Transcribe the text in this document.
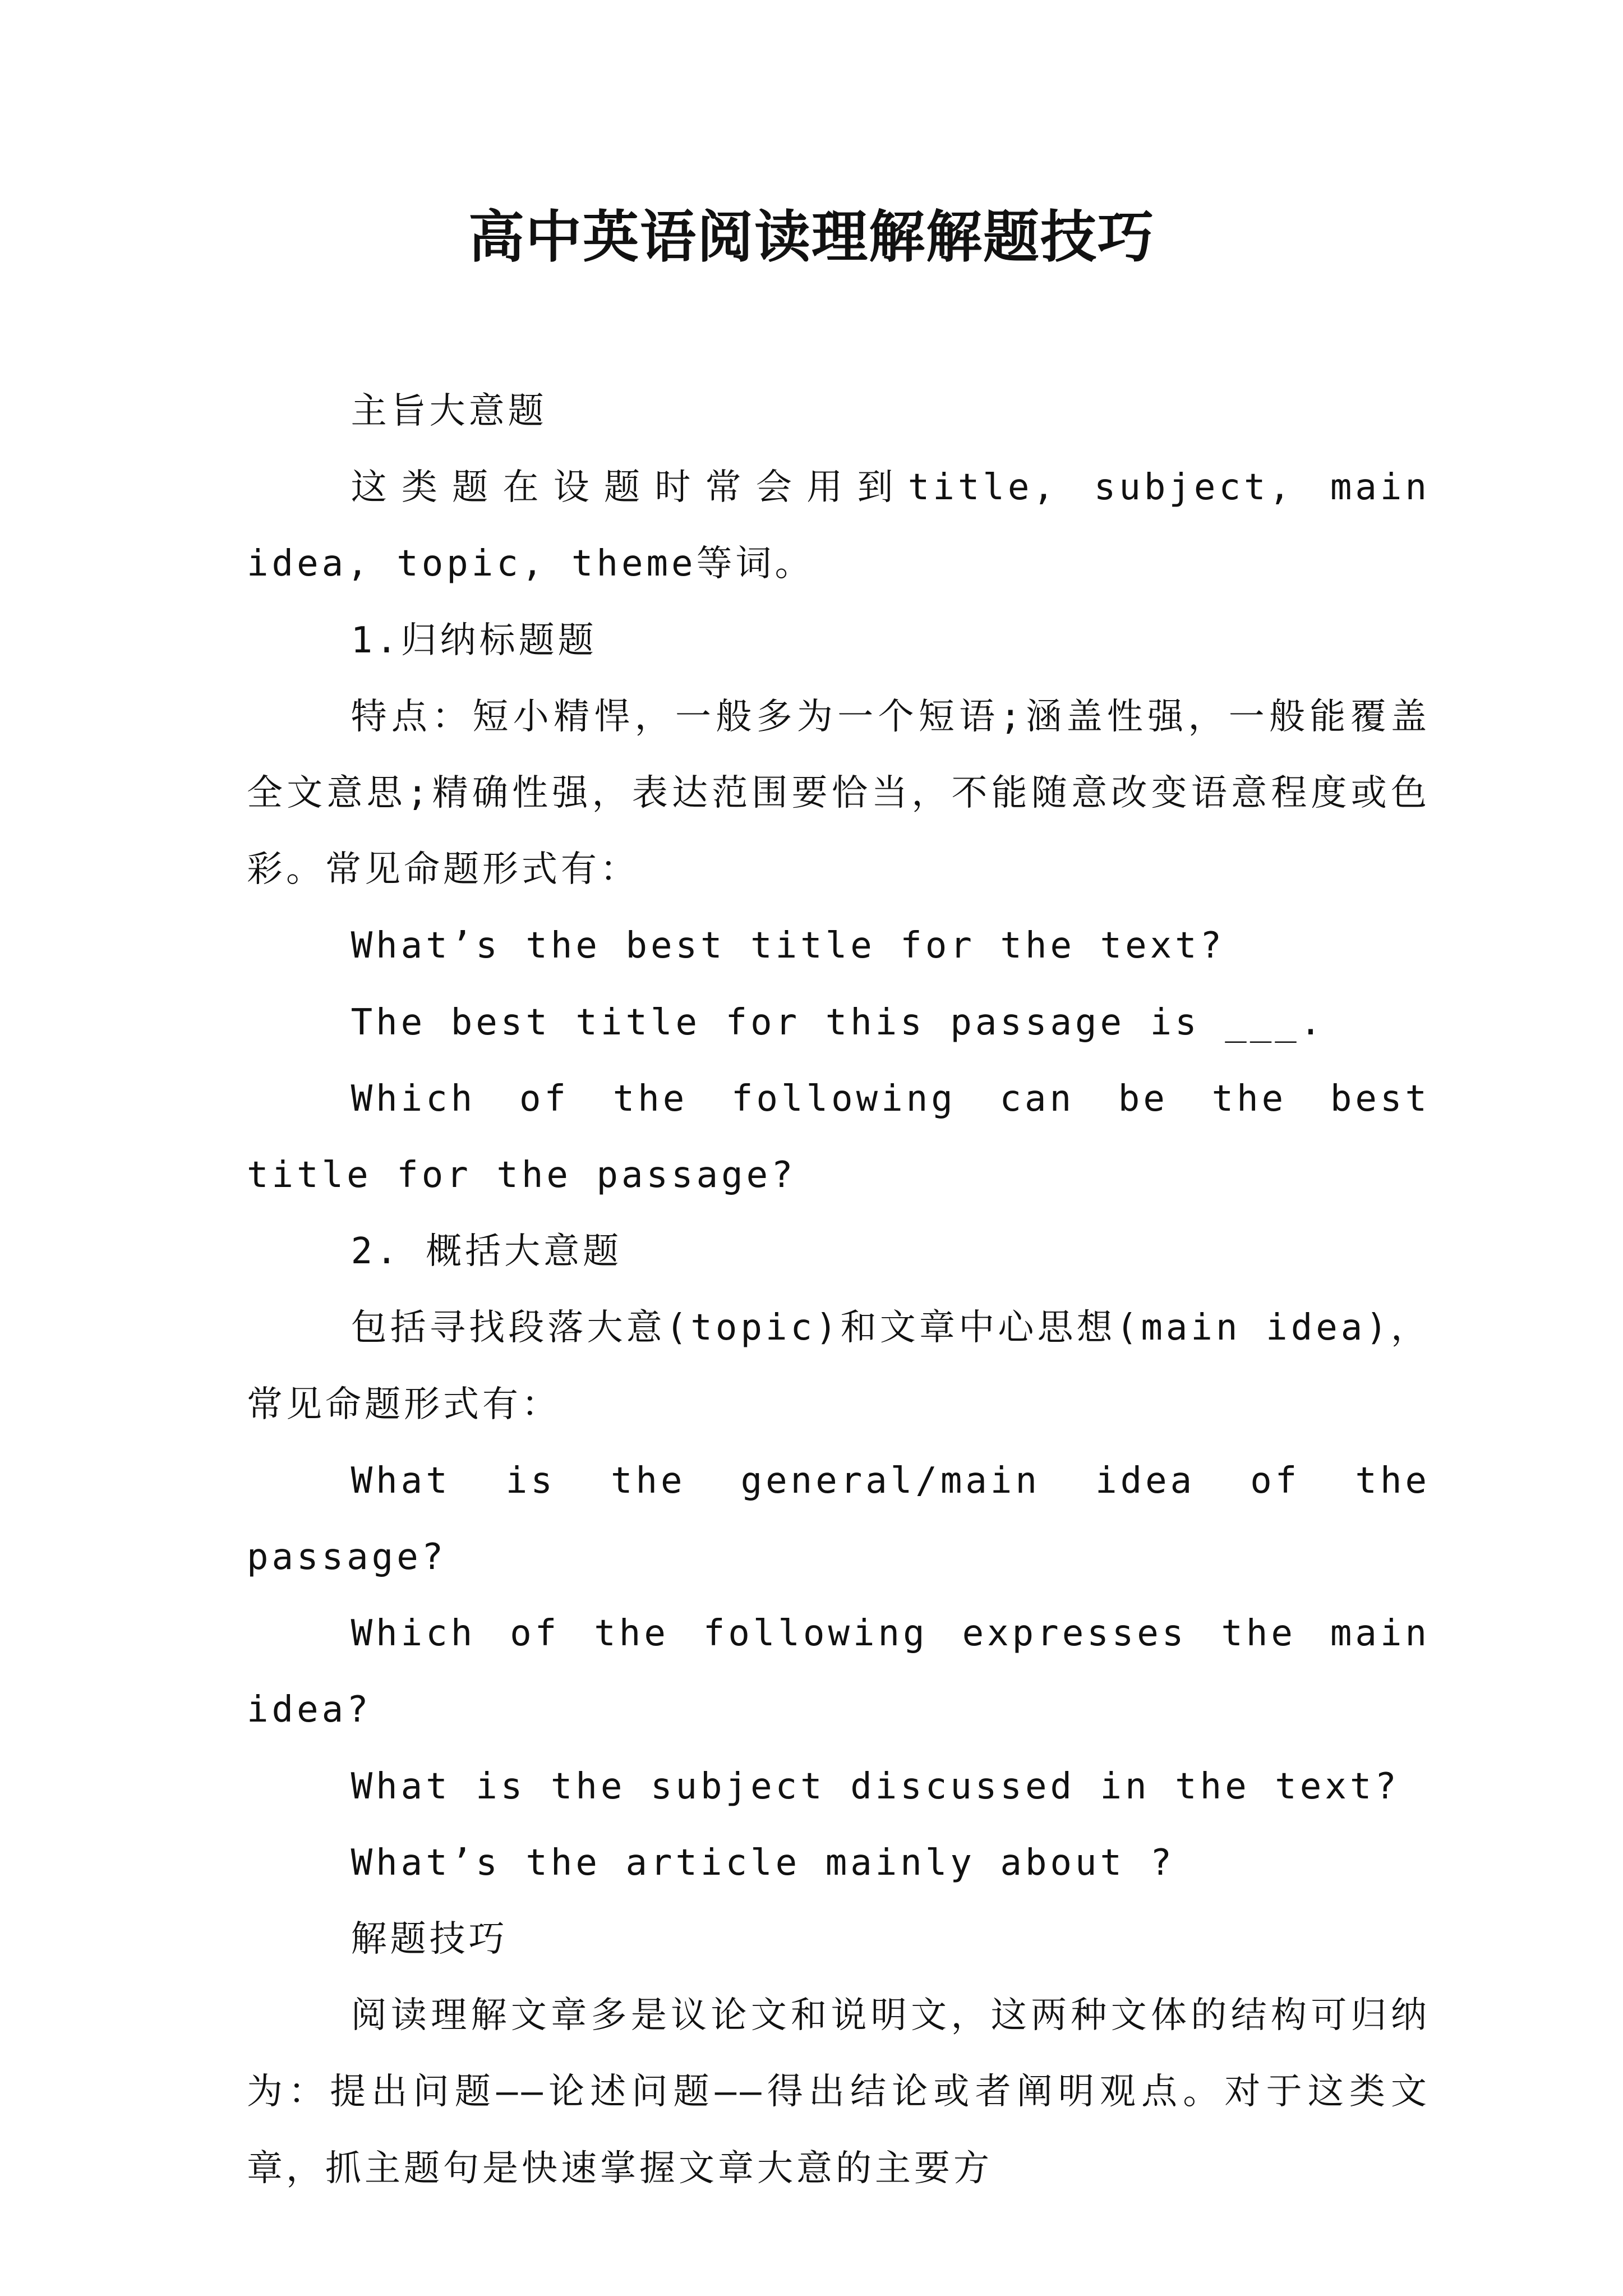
高中英语阅读理解解题技巧

主旨大意题

这类题在设题时常会用到title, subject, main idea, topic, theme等词。

1.归纳标题题

特点：短小精悍，一般多为一个短语;涵盖性强，一般能覆盖全文意思;精确性强，表达范围要恰当，不能随意改变语意程度或色彩。常见命题形式有：

What’s the best title for the text?

The best title for this passage is ___.

Which of the following can be the best title for the passage?

2. 概括大意题

包括寻找段落大意(topic)和文章中心思想(main idea)，常见命题形式有：

What is the general/main idea of the passage?

Which of the following expresses the main idea?

What is the subject discussed in the text?

What’s the article mainly about ?

解题技巧

阅读理解文章多是议论文和说明文，这两种文体的结构可归纳为：提出问题——论述问题——得出结论或者阐明观点。对于这类文章，抓主题句是快速掌握文章大意的主要方
